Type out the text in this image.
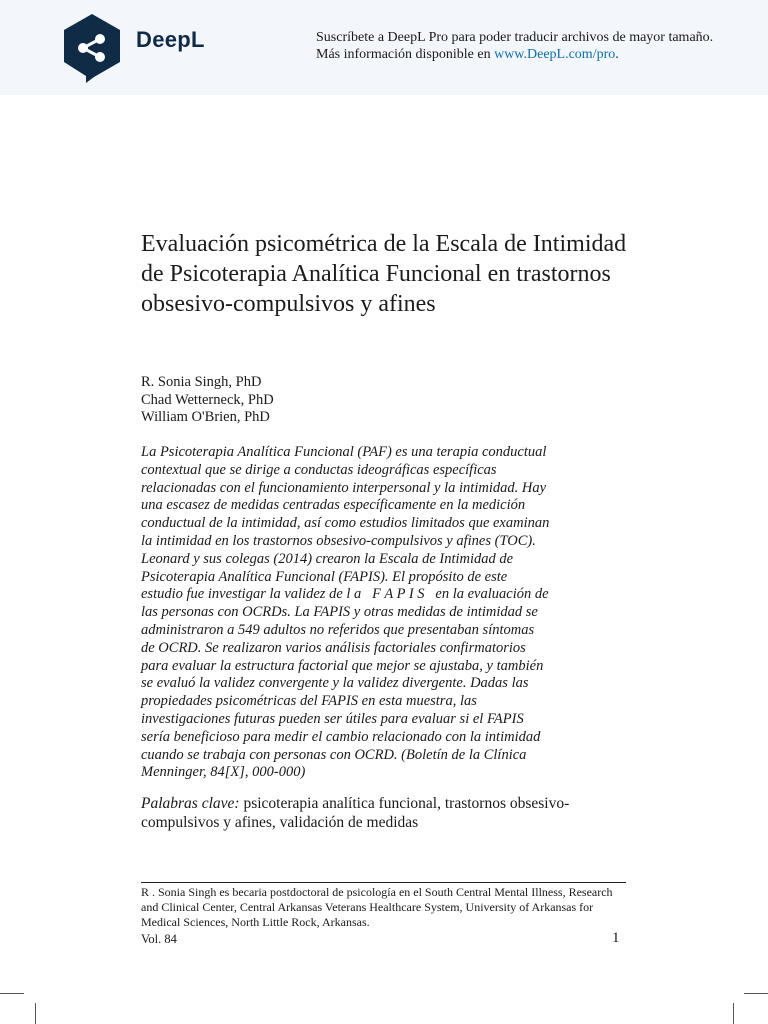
DeepL	Suscríbete a DeepL Pro para poder traducir archivos de mayor tamaño.
Más información disponible en www.DeepL.com/pro.
Evaluación psicométrica de la Escala de Intimidad de Psicoterapia Analítica Funcional en trastornos obsesivo-compulsivos y afines
R. Sonia Singh, PhD
Chad Wetterneck, PhD
William O'Brien, PhD
La Psicoterapia Analítica Funcional (PAF) es una terapia conductual
contextual que se dirige a conductas ideográficas específicas
relacionadas con el funcionamiento interpersonal y la intimidad. Hay
una escasez de medidas centradas específicamente en la medición
conductual de la intimidad, así como estudios limitados que examinan
la intimidad en los trastornos obsesivo-compulsivos y afines (TOC).
Leonard y sus colegas (2014) crearon la Escala de Intimidad de
Psicoterapia Analítica Funcional (FAPIS). El propósito de este
estudio fue investigar la validez de l a   F A P I S   en la evaluación de
las personas con OCRDs. La FAPIS y otras medidas de intimidad se
administraron a 549 adultos no referidos que presentaban síntomas
de OCRD. Se realizaron varios análisis factoriales confirmatorios
para evaluar la estructura factorial que mejor se ajustaba, y también
se evaluó la validez convergente y la validez divergente. Dadas las
propiedades psicométricas del FAPIS en esta muestra, las
investigaciones futuras pueden ser útiles para evaluar si el FAPIS
sería beneficioso para medir el cambio relacionado con la intimidad
cuando se trabaja con personas con OCRD. (Boletín de la Clínica
Menninger, 84[X], 000-000)
Palabras clave: psicoterapia analítica funcional, trastornos obsesivo-compulsivos y afines, validación de medidas
R . Sonia Singh es becaria postdoctoral de psicología en el South Central Mental Illness, Research and Clinical Center, Central Arkansas Veterans Healthcare System, University of Arkansas for Medical Sciences, North Little Rock, Arkansas.
Vol. 84	1
